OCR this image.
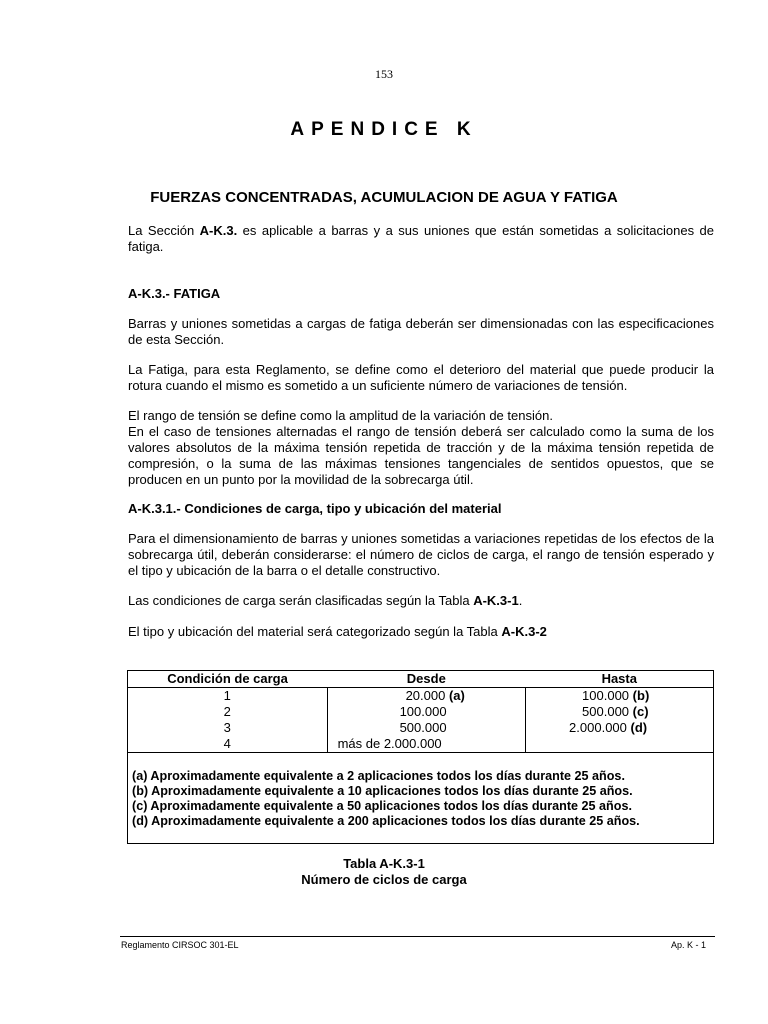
153
APENDICE K
FUERZAS CONCENTRADAS, ACUMULACION DE AGUA Y FATIGA

La Sección A-K.3. es aplicable a barras y a sus uniones que están sometidas a solicitaciones de fatiga.

A-K.3.- FATIGA

Barras y uniones sometidas a cargas de fatiga deberán ser dimensionadas con las especificaciones de esta Sección.

La Fatiga, para esta Reglamento, se define como el deterioro del material que puede producir la rotura cuando el mismo es sometido a un suficiente número de variaciones de tensión.

El rango de tensión se define como la amplitud de la variación de tensión.

En el caso de tensiones alternadas el rango de tensión deberá ser calculado como la suma de los valores absolutos de la máxima tensión repetida de tracción y de la máxima tensión repetida de compresión, o la suma de las máximas tensiones tangenciales de sentidos opuestos, que se producen en un punto por la movilidad de la sobrecarga útil.

A-K.3.1.- Condiciones de carga, tipo y ubicación del material

Para el dimensionamiento de barras y uniones sometidas a variaciones repetidas de los efectos de la sobrecarga útil, deberán considerarse: el número de ciclos de carga, el rango de tensión esperado y el tipo y ubicación de la barra o el detalle constructivo.

Las condiciones de carga serán clasificadas según la Tabla A-K.3-1.
El tipo y ubicación del material será categorizado según la Tabla A-K.3-2
Condición de carga	Desde	Hasta
1	20.000 (a)	100.000 (b)
2	100.000	500.000 (c)
3	500.000	2.000.000 (d)
4	más de 2.000.000	

(a) Aproximadamente equivalente a 2 aplicaciones todos los días durante 25 años.
(b) Aproximadamente equivalente a 10 aplicaciones todos los días durante 25 años.
(c) Aproximadamente equivalente a 50 aplicaciones todos los días durante 25 años.
(d) Aproximadamente equivalente a 200 aplicaciones todos los días durante 25 años.		
Tabla A-K.3-1
Número de ciclos de carga
Reglamento CIRSOC 301-EL	Ap. K - 1
